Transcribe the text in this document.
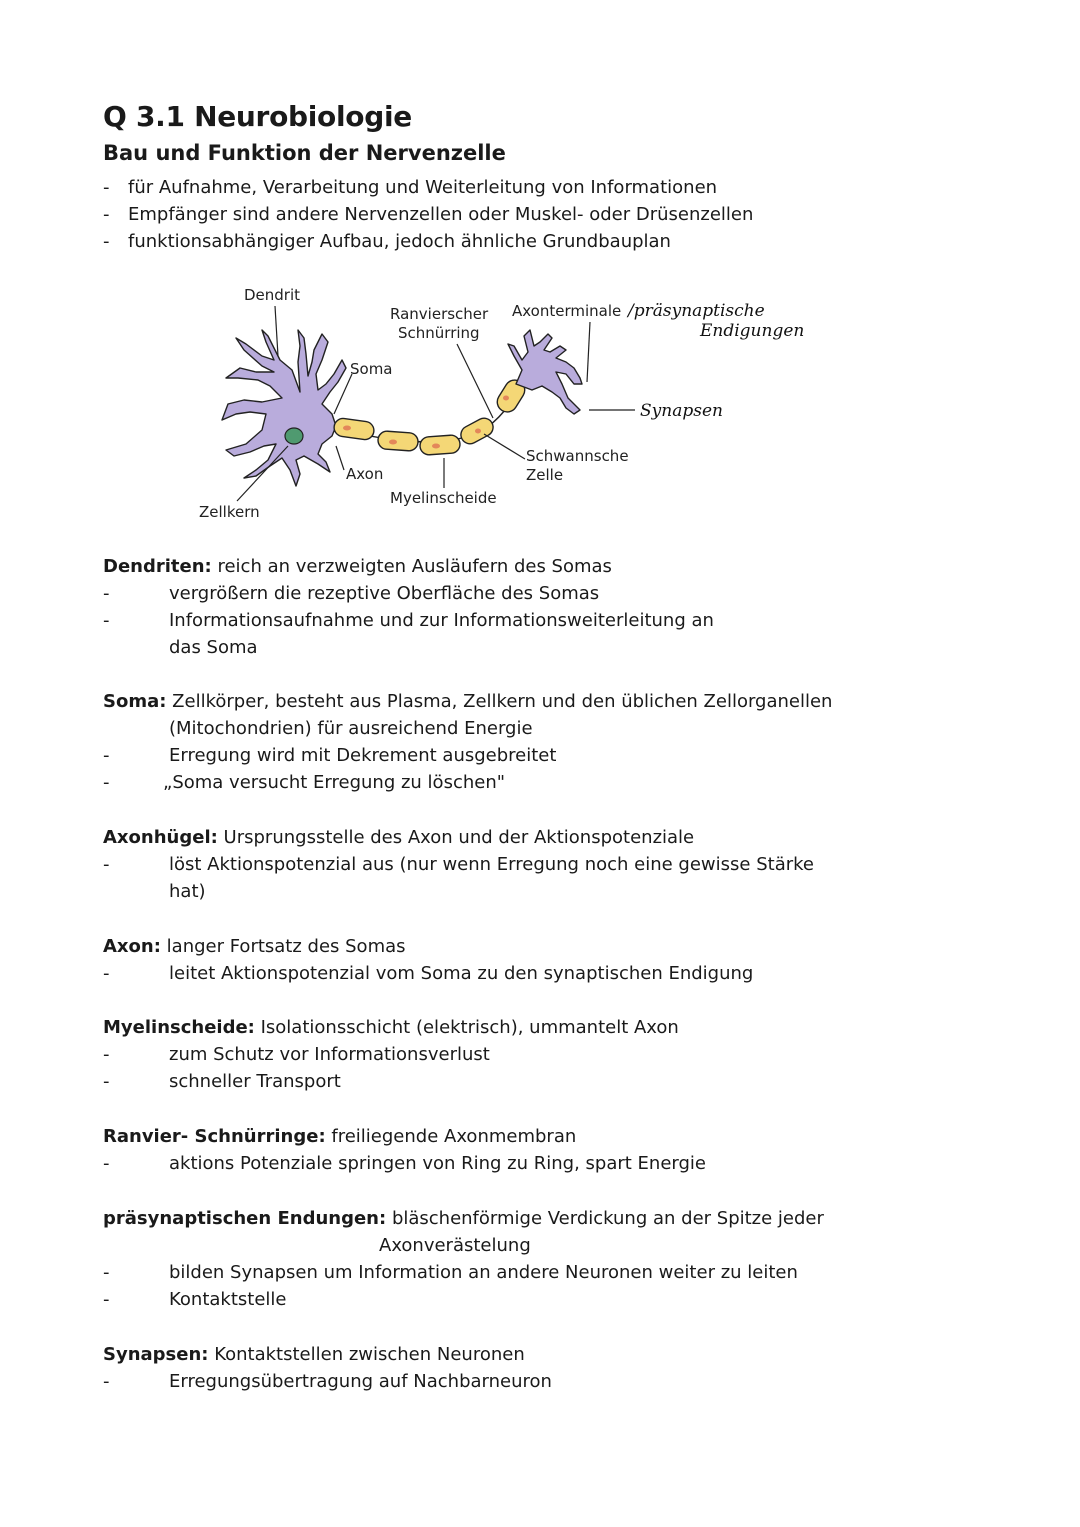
Q 3.1 Neurobiologie
Bau und Funktion der Nervenzelle
- für Aufnahme, Verarbeitung und Weiterleitung von Informationen
- Empfänger sind andere Nervenzellen oder Muskel- oder Drüsenzellen
- funktionsabhängiger Aufbau, jedoch ähnliche Grundbauplan
Dendrit
Soma
Ranvierscher
Schnürring
Axonterminale /präsynaptische
Endigungen
Synapsen
Schwannsche
Zelle
Axon
Myelinscheide
Zellkern
Dendriten: reich an verzweigten Ausläufern des Somas
-	vergrößern die rezeptive Oberfläche des Somas
-	Informationsaufnahme und zur Informationsweiterleitung an
das Soma
Soma: Zellkörper, besteht aus Plasma, Zellkern und den üblichen Zellorganellen
(Mitochondrien) für ausreichend Energie
-	Erregung wird mit Dekrement ausgebreitet
-	„Soma versucht Erregung zu löschen"
Axonhügel: Ursprungsstelle des Axon und der Aktionspotenziale
-	löst Aktionspotenzial aus (nur wenn Erregung noch eine gewisse Stärke
hat)
Axon: langer Fortsatz des Somas
-	leitet Aktionspotenzial vom Soma zu den synaptischen Endigung
Myelinscheide: Isolationsschicht (elektrisch), ummantelt Axon
-	zum Schutz vor Informationsverlust
-	schneller Transport
Ranvier- Schnürringe: freiliegende Axonmembran
-	aktions Potenziale springen von Ring zu Ring, spart Energie
präsynaptischen Endungen: bläschenförmige Verdickung an der Spitze jeder
Axonverästelung
-	bilden Synapsen um Information an andere Neuronen weiter zu leiten
-	Kontaktstelle
Synapsen: Kontaktstellen zwischen Neuronen
-	Erregungsübertragung auf Nachbarneuron
